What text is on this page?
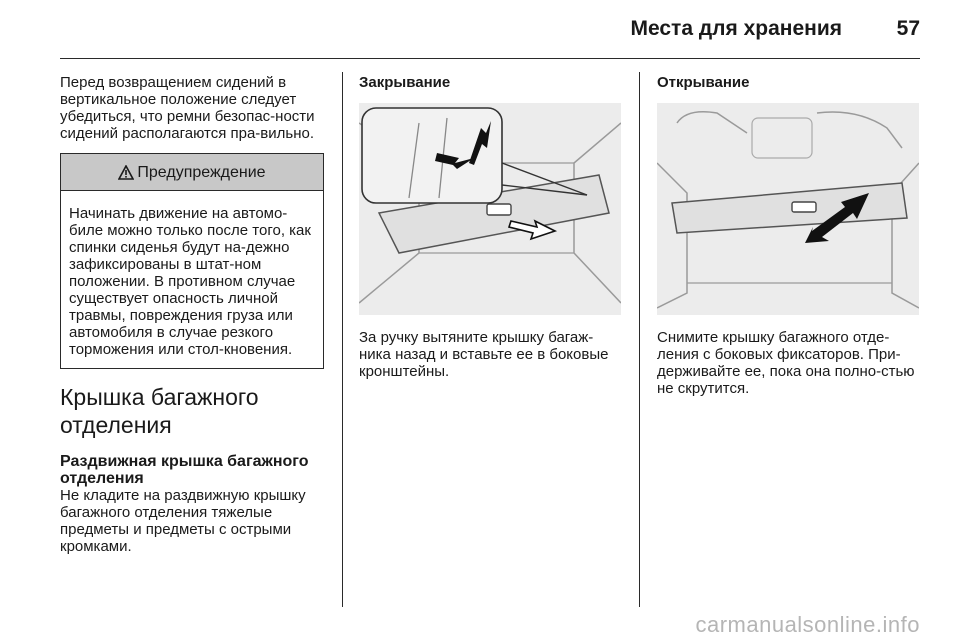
Места для хранения	57

Перед возвращением сидений в вертикальное положение следует убедиться, что ремни безопас-ности сидений располагаются пра-вильно.

Предупреждение
Начинать движение на автомо-биле можно только после того, как спинки сиденья будут на-дежно зафиксированы в штат-ном положении. В противном случае существует опасность личной травмы, повреждения груза или автомобиля в случае резкого торможения или стол-кновения.
Крышка багажного отделения
Раздвижная крышка багажного отделения

Не кладите на раздвижную крышку багажного отделения тяжелые предметы и предметы с острыми кромками.

Закрывание

За ручку вытяните крышку багаж-ника назад и вставьте ее в боковые кронштейны.

Открывание

Снимите крышку багажного отде-ления с боковых фиксаторов. При-держивайте ее, пока она полно-стью не скрутится.

carmanualsonline.info
